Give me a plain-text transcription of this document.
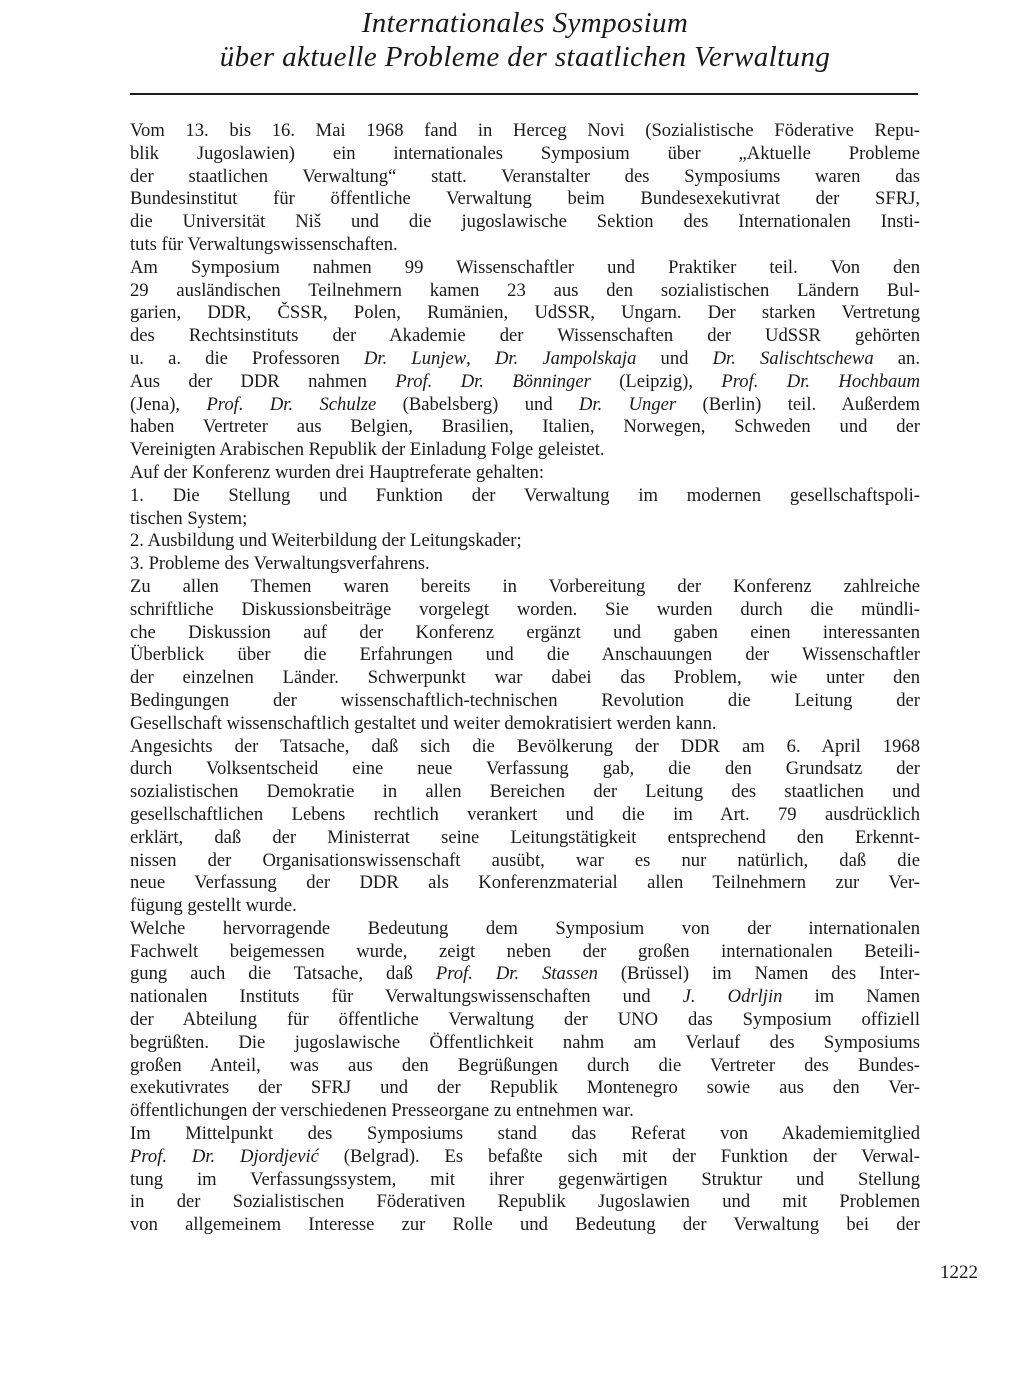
Internationales Symposium
über aktuelle Probleme der staatlichen Verwaltung
Vom 13. bis 16. Mai 1968 fand in Herceg Novi (Sozialistische Föderative Repu-
blik Jugoslawien) ein internationales Symposium über „Aktuelle Probleme
der staatlichen Verwaltung“ statt. Veranstalter des Symposiums waren das
Bundesinstitut für öffentliche Verwaltung beim Bundesexekutivrat der SFRJ,
die Universität Niš und die jugoslawische Sektion des Internationalen Insti-
tuts für Verwaltungswissenschaften.
Am Symposium nahmen 99 Wissenschaftler und Praktiker teil. Von den
29 ausländischen Teilnehmern kamen 23 aus den sozialistischen Ländern Bul-
garien, DDR, ČSSR, Polen, Rumänien, UdSSR, Ungarn. Der starken Vertretung
des Rechtsinstituts der Akademie der Wissenschaften der UdSSR gehörten
u. a. die Professoren Dr. Lunjew, Dr. Jampolskaja und Dr. Salischtschewa an.
Aus der DDR nahmen Prof. Dr. Bönninger (Leipzig), Prof. Dr. Hochbaum
(Jena), Prof. Dr. Schulze (Babelsberg) und Dr. Unger (Berlin) teil. Außerdem
haben Vertreter aus Belgien, Brasilien, Italien, Norwegen, Schweden und der
Vereinigten Arabischen Republik der Einladung Folge geleistet.
Auf der Konferenz wurden drei Hauptreferate gehalten:
1. Die Stellung und Funktion der Verwaltung im modernen gesellschaftspoli-
tischen System;
2. Ausbildung und Weiterbildung der Leitungskader;
3. Probleme des Verwaltungsverfahrens.
Zu allen Themen waren bereits in Vorbereitung der Konferenz zahlreiche
schriftliche Diskussionsbeiträge vorgelegt worden. Sie wurden durch die mündli-
che Diskussion auf der Konferenz ergänzt und gaben einen interessanten
Überblick über die Erfahrungen und die Anschauungen der Wissenschaftler
der einzelnen Länder. Schwerpunkt war dabei das Problem, wie unter den
Bedingungen der wissenschaftlich-technischen Revolution die Leitung der
Gesellschaft wissenschaftlich gestaltet und weiter demokratisiert werden kann.
Angesichts der Tatsache, daß sich die Bevölkerung der DDR am 6. April 1968
durch Volksentscheid eine neue Verfassung gab, die den Grundsatz der
sozialistischen Demokratie in allen Bereichen der Leitung des staatlichen und
gesellschaftlichen Lebens rechtlich verankert und die im Art. 79 ausdrücklich
erklärt, daß der Ministerrat seine Leitungstätigkeit entsprechend den Erkennt-
nissen der Organisationswissenschaft ausübt, war es nur natürlich, daß die
neue Verfassung der DDR als Konferenzmaterial allen Teilnehmern zur Ver-
fügung gestellt wurde.
Welche hervorragende Bedeutung dem Symposium von der internationalen
Fachwelt beigemessen wurde, zeigt neben der großen internationalen Beteili-
gung auch die Tatsache, daß Prof. Dr. Stassen (Brüssel) im Namen des Inter-
nationalen Instituts für Verwaltungswissenschaften und J. Odrljin im Namen
der Abteilung für öffentliche Verwaltung der UNO das Symposium offiziell
begrüßten. Die jugoslawische Öffentlichkeit nahm am Verlauf des Symposiums
großen Anteil, was aus den Begrüßungen durch die Vertreter des Bundes-
exekutivrates der SFRJ und der Republik Montenegro sowie aus den Ver-
öffentlichungen der verschiedenen Presseorgane zu entnehmen war.
Im Mittelpunkt des Symposiums stand das Referat von Akademiemitglied
Prof. Dr. Djordjević (Belgrad). Es befaßte sich mit der Funktion der Verwal-
tung im Verfassungssystem, mit ihrer gegenwärtigen Struktur und Stellung
in der Sozialistischen Föderativen Republik Jugoslawien und mit Problemen
von allgemeinem Interesse zur Rolle und Bedeutung der Verwaltung bei der
1222
